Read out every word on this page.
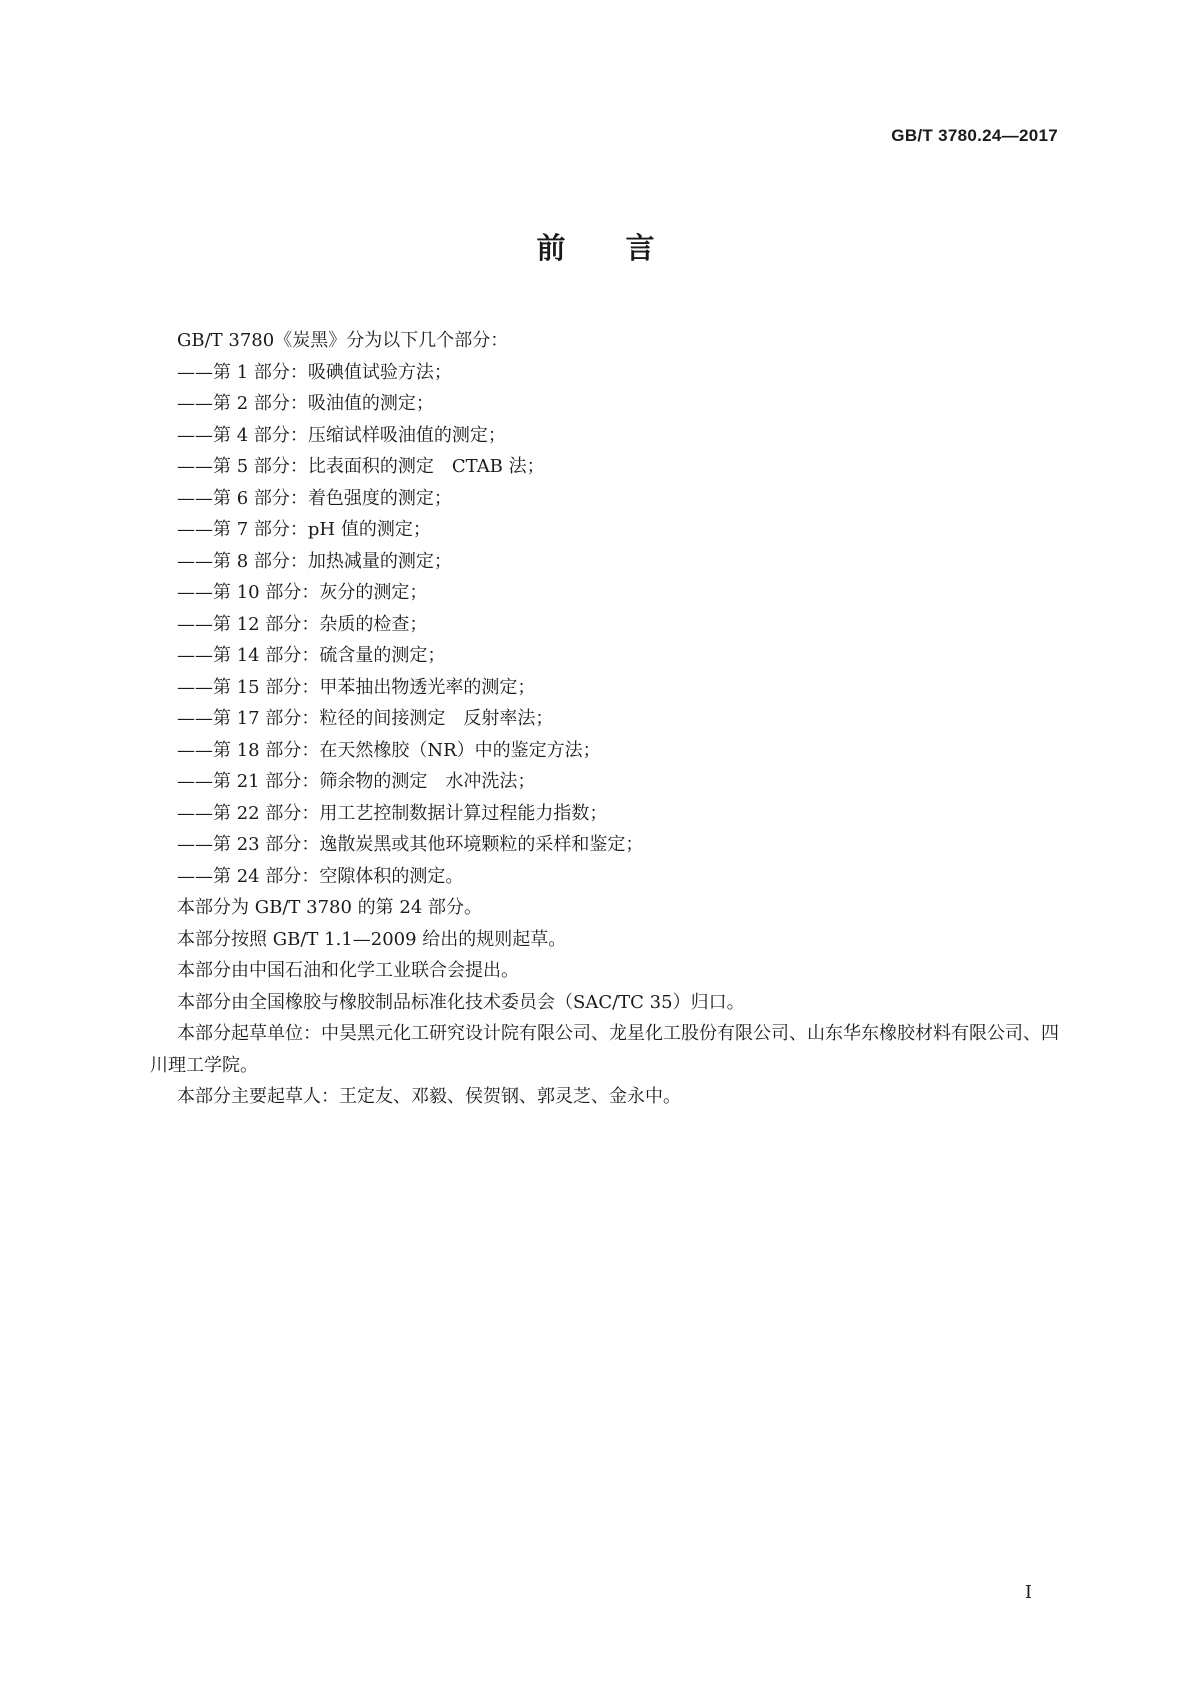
GB/T 3780.24—2017
前言
GB/T 3780《炭黑》分为以下几个部分：
——第 1 部分：吸碘值试验方法；
——第 2 部分：吸油值的测定；
——第 4 部分：压缩试样吸油值的测定；
——第 5 部分：比表面积的测定　CTAB 法；
——第 6 部分：着色强度的测定；
——第 7 部分：pH 值的测定；
——第 8 部分：加热减量的测定；
——第 10 部分：灰分的测定；
——第 12 部分：杂质的检查；
——第 14 部分：硫含量的测定；
——第 15 部分：甲苯抽出物透光率的测定；
——第 17 部分：粒径的间接测定　反射率法；
——第 18 部分：在天然橡胶（NR）中的鉴定方法；
——第 21 部分：筛余物的测定　水冲洗法；
——第 22 部分：用工艺控制数据计算过程能力指数；
——第 23 部分：逸散炭黑或其他环境颗粒的采样和鉴定；
——第 24 部分：空隙体积的测定。
本部分为 GB/T 3780 的第 24 部分。
本部分按照 GB/T 1.1—2009 给出的规则起草。
本部分由中国石油和化学工业联合会提出。
本部分由全国橡胶与橡胶制品标准化技术委员会（SAC/TC 35）归口。
本部分起草单位：中昊黑元化工研究设计院有限公司、龙星化工股份有限公司、山东华东橡胶材料有限公司、四川理工学院。
本部分主要起草人：王定友、邓毅、侯贺钢、郭灵芝、金永中。
I
